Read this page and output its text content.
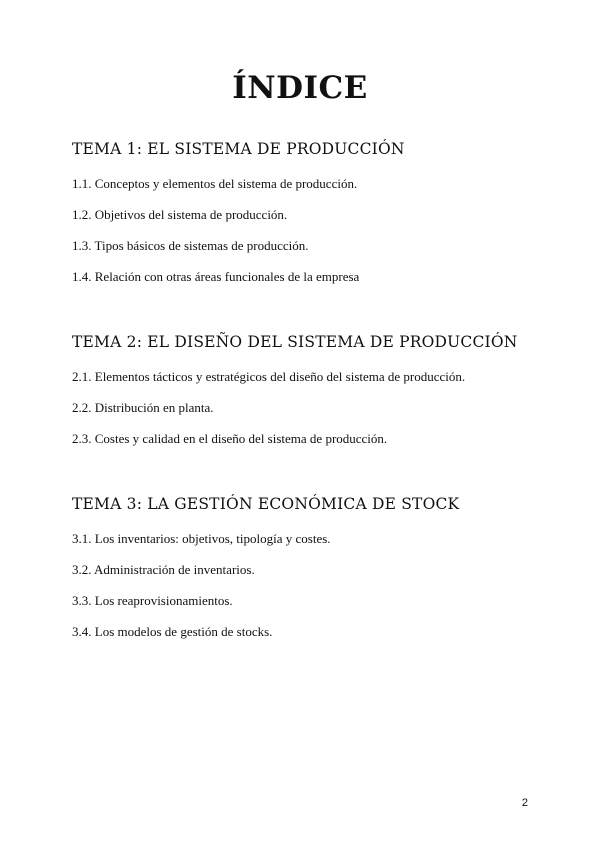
ÍNDICE
TEMA 1: EL SISTEMA DE PRODUCCIÓN
1.1. Conceptos y elementos del sistema de producción.
1.2. Objetivos del sistema de producción.
1.3. Tipos básicos de sistemas de producción.
1.4. Relación con otras áreas funcionales de la empresa
TEMA 2: EL DISEÑO DEL SISTEMA DE PRODUCCIÓN
2.1. Elementos tácticos y estratégicos del diseño del sistema de producción.
2.2. Distribución en planta.
2.3. Costes y calidad en el diseño del sistema de producción.
TEMA 3: LA GESTIÓN ECONÓMICA DE STOCK
3.1. Los inventarios: objetivos, tipología y costes.
3.2. Administración de inventarios.
3.3. Los reaprovisionamientos.
3.4. Los modelos de gestión de stocks.
2
